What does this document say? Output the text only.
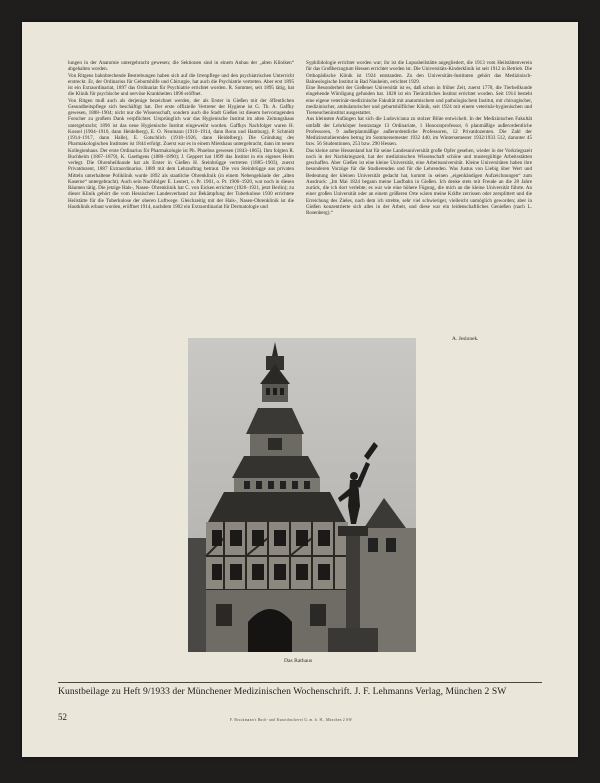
lungen in der Anatomie untergebracht gewesen; die Sektionen sind in einem Anbau der „alten Kliniken“ abgehalten worden.

Von Ritgens bahnbrechende Bestrebungen haben sich auf die Irrenpflege und den psychiatrischen Unterricht erstreckt. Er, der Ordinarius für Geburtshilfe und Chirurgie, hat auch die Psychiatrie vertreten. Aber erst 1895 ist ein Extraordinariat, 1897 das Ordinariat für Psychiatrie errichtet worden. R. Sommer, seit 1895 tätig, hat die Klinik für psychische und nervöse Krankheiten 1896 eröffnet.

Von Ritgen muß auch als derjenige bezeichnet werden, der als Erster in Gießen mit der öffentlichen Gesundheitspflege sich beschäftigt hat. Der erste offizielle Vertreter der Hygiene ist G. Th. A. Gaffky gewesen, 1888–1904; nicht nur die Wissenschaft, sondern auch die Stadt Gießen ist diesem hervorragenden Forscher zu großem Dank verpflichtet. Ursprünglich war das Hygienische Institut im alten Zeitungshaus untergebracht; 1896 ist das neue Hygienische Institut eingeweiht worden. Gaffkys Nachfolger waren H. Kossel (1904–1910, dann Heidelberg), E. O. Neumann (1910–1914, dann Bonn und Hamburg), P. Schmidt (1914–1917, dann Halle), E. Gotschlich (1918–1926, dann Heidelberg). Die Gründung des Pharmakologischen Institutes ist 1844 erfolgt. Zuerst war es in einem Mietshaus untergebracht, dann im neuen Kollegienhaus. Der erste Ordinarius für Pharmakologie ist Ph. Phoebus gewesen (1843–1865). Ihm folgten R. Buchheim (1867–1879), K. Gaethgens (1880–1890); J. Geppert hat 1899 das Institut in ein eigenes Heim verlegt. Die Ohrenheilkunde hat als Erster in Gießen H. Steinbrügge vertreten (1885–1903), zuerst Privatdozent, 1887 Extraordinarius. 1889 mit dem Lehrauftrag betraut. Die von Steinbrügge aus privaten Mitteln unterhaltene Poliklinik wurde 1892 als staatliche Ohrenklinik (in einem Nebengebäude der „alten Kaserne“ untergebracht). Auch sein Nachfolger E. Leutert, o. Pr. 1901, o. Pr. 1906–1920, war noch in diesen Räumen tätig. Die jetzige Hals-, Nasen- Ohrenklinik hat C. von Eicken errichtet (1920–1921, jetzt Berlin); zu dieser Klinik gehört die vom Hessischen Landesverband zur Bekämpfung der Tuberkulose 1930 errichtete Heilstätte für die Tuberkulose der oberen Luftwege. Gleichzeitig mit der Hals-, Nasen-Ohrenklinik ist die Hautklinik erbaut worden, eröffnet 1914, nachdem 1902 ein Extraordinariat für Dermatologie und

Syphilidologie errichtet worden war; ihr ist die Lupusheilstätte angegliedert, die 1913 vom Heilstättenverein für das Großherzogtum Hessen errichtet worden ist. Die Universitäts-Kinderklinik ist seit 1912 in Betrieb. Die Orthopädische Klinik ist 1924 entstanden. Zu den Universitäts-Instituten gehört das Medizinisch-Balneologische Institut in Bad Nauheim, errichtet 1929.

Eine Besonderheit der Gießener Universität ist es, daß schon in früher Zeit, zuerst 1778, die Tierheilkunde eingehende Würdigung gefunden hat. 1828 ist ein Tierärztliches Institut errichtet worden. Seit 1914 besteht eine eigene veterinär-medizinische Fakultät mit anatomischem und pathologischem Institut, mit chirurgischer, medizinischer, ambulatorischer und geburtshilflicher Klinik, seit 1924 mit einem veterinär-hygienischen und Tierseucheninstitut ausgestattet.

Aus kleinsten Anfängen hat sich die Ludoviciana zu stolzer Blüte entwickelt. In der Medizinischen Fakultät umfaßt der Lehrkörper heutzutage 13 Ordinariate, 1 Honorarprofessor, 6 planmäßige außerordentliche Professoren, 9 außerplanmäßige außerordentliche Professoren, 12 Privatdozenten. Die Zahl der Medizinstudierenden betrug im Sommersemester 1932 440, im Wintersemester 1932/1933 512, darunter 45 bzw. 56 Studentinnen, 253 bzw. 290 Hessen.

Das kleine arme Hessenland hat für seine Landesuniversität große Opfer gesehen, wieder in der Vorkriegszeit noch in der Nachkriegszeit, hat der medizinischen Wissenschaft schöne und mustergültige Arbeitsstätten geschaffen. Aber Gießen ist eine kleine Universität, eine Arbeitsuniversität. Kleine Universitäten haben ihre besonderen Vorzüge für die Studierenden und für die Lehrenden. Was Justus von Liebig über Wert und Bedeutung der kleinen Universität gedacht hat, kommt in seinen „eigenhändigen Aufzeichnungen“ zum Ausdruck: „Im Mai 1824 begann meine Laufbahn in Gießen. Ich denke stets mit Freude an die 28 Jahre zurück, die ich dort verlebte; es war wie eine höhere Fügung, die mich an die kleine Universität führte. An einer großen Universität oder an einem größeren Orte wären meine Kräfte zerrissen oder zersplittert und die Erreichung des Zieles, nach dem ich strebte, sehr viel schwieriger, vielleicht unmöglich geworden; aber in Gießen konzentrierte sich alles in der Arbeit, und diese war ein leidenschaftliches Genießen (nach L. Rosenberg).“

A. Jeslonek.
Das Rathaus
Kunstbeilage zu Heft 9/1933 der Münchener Medizinischen Wochenschrift. J. F. Lehmanns Verlag, München 2 SW
52	F. Bruckmann's Buch- und Kunstdruckerei G. m. b. H., München 2 SW
